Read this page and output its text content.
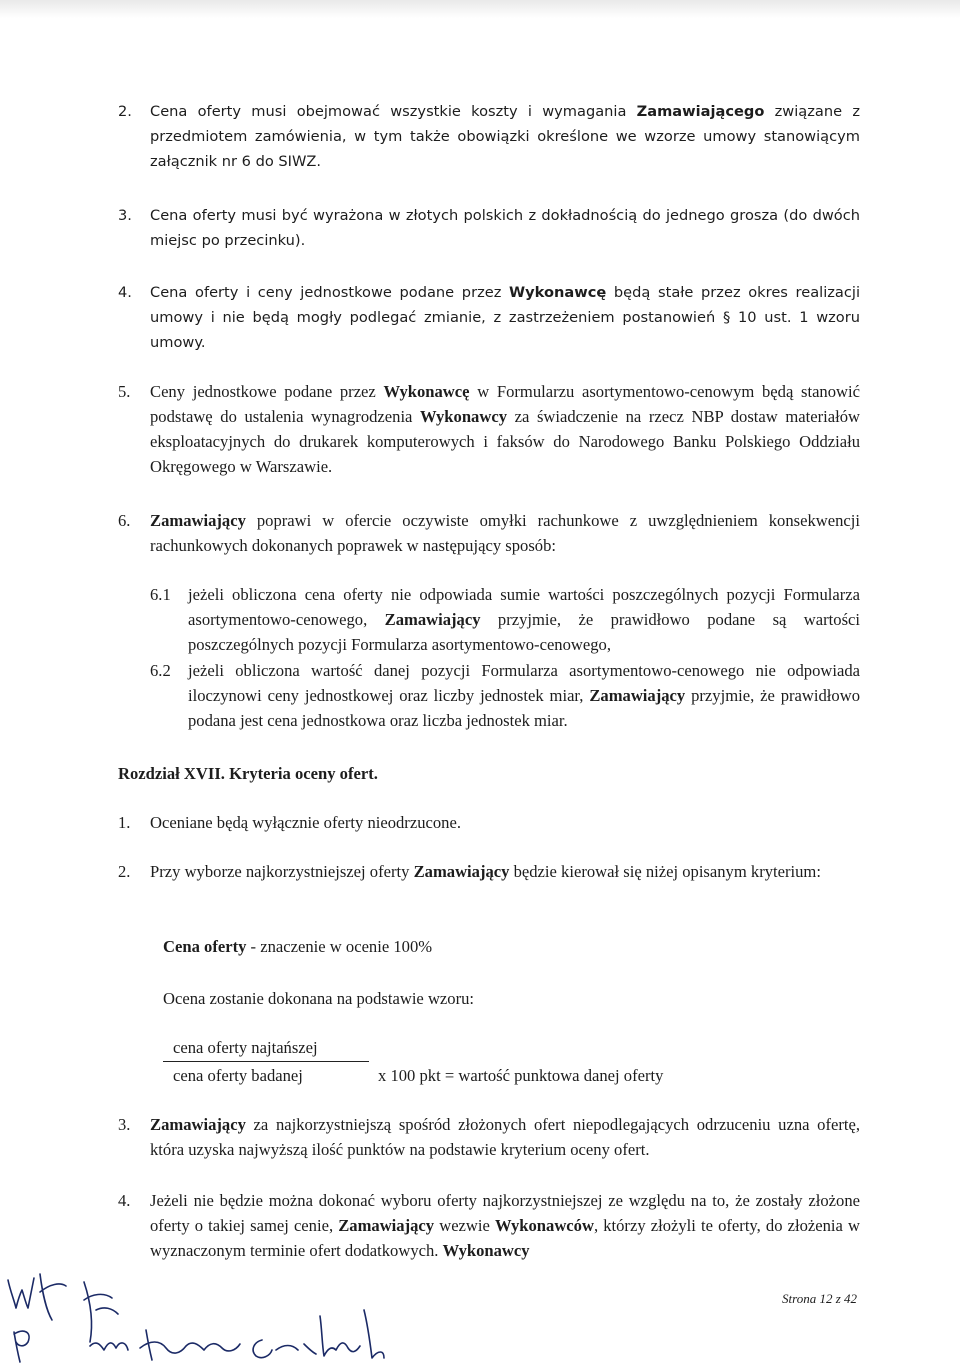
2.	Cena oferty musi obejmować wszystkie koszty i wymagania Zamawiającego związane z przedmiotem zamówienia, w tym także obowiązki określone we wzorze umowy stanowiącym załącznik nr 6 do SIWZ.
3.	Cena oferty musi być wyrażona w złotych polskich z dokładnością do jednego grosza (do dwóch miejsc po przecinku).
4.	Cena oferty i ceny jednostkowe podane przez Wykonawcę będą stałe przez okres realizacji umowy i nie będą mogły podlegać zmianie, z zastrzeżeniem postanowień § 10 ust. 1 wzoru umowy.
5.	Ceny jednostkowe podane przez Wykonawcę w Formularzu asortymentowo-cenowym będą stanowić podstawę do ustalenia wynagrodzenia Wykonawcy za świadczenie na rzecz NBP dostaw materiałów eksploatacyjnych do drukarek komputerowych i faksów do Narodowego Banku Polskiego Oddziału Okręgowego w Warszawie.
6.	Zamawiający poprawi w ofercie oczywiste omyłki rachunkowe z uwzględnieniem konsekwencji rachunkowych dokonanych poprawek w następujący sposób:
6.1	jeżeli obliczona cena oferty nie odpowiada sumie wartości poszczególnych pozycji Formularza asortymentowo-cenowego, Zamawiający przyjmie, że prawidłowo podane są wartości poszczególnych pozycji Formularza asortymentowo-cenowego,
6.2	jeżeli obliczona wartość danej pozycji Formularza asortymentowo-cenowego nie odpowiada iloczynowi ceny jednostkowej oraz liczby jednostek miar, Zamawiający przyjmie, że prawidłowo podana jest cena jednostkowa oraz liczba jednostek miar.
Rozdział XVII. Kryteria oceny ofert.
1.	Oceniane będą wyłącznie oferty nieodrzucone.
2.	Przy wyborze najkorzystniejszej oferty Zamawiający będzie kierował się niżej opisanym kryterium:
Cena oferty - znaczenie w ocenie 100%
Ocena zostanie dokonana na podstawie wzoru:
cena oferty najtańszej
cena oferty badanej	x 100 pkt = wartość punktowa danej oferty
3.	Zamawiający za najkorzystniejszą spośród złożonych ofert niepodlegających odrzuceniu uzna ofertę, która uzyska najwyższą ilość punktów na podstawie kryterium oceny ofert.
4.	Jeżeli nie będzie można dokonać wyboru oferty najkorzystniejszej ze względu na to, że zostały złożone oferty o takiej samej cenie, Zamawiający wezwie Wykonawców, którzy złożyli te oferty, do złożenia w wyznaczonym terminie ofert dodatkowych. Wykonawcy
Strona 12 z 42
